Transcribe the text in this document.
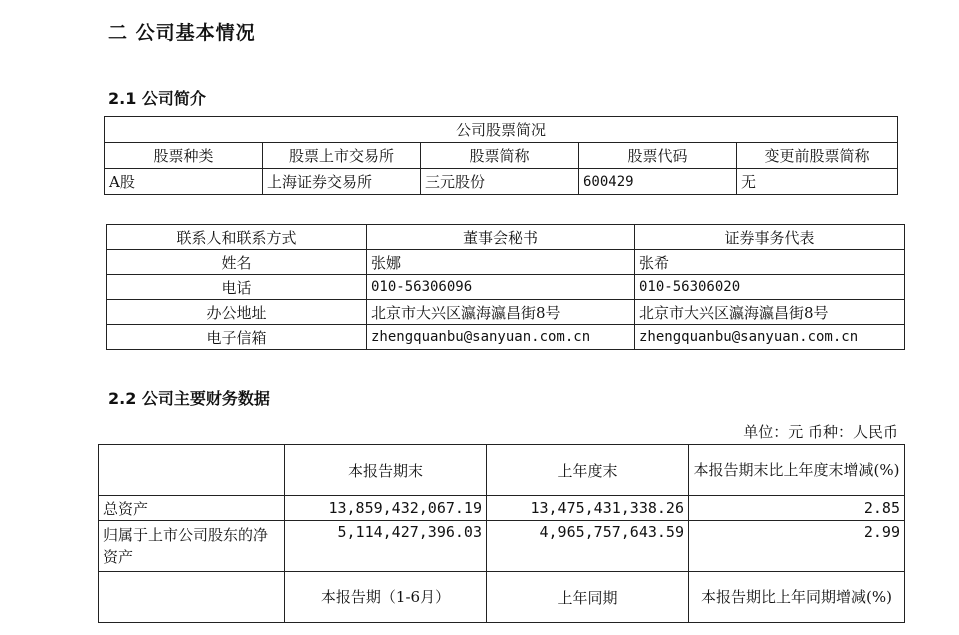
二 公司基本情况
2.1 公司简介
公司股票简况				
股票种类	股票上市交易所	股票简称	股票代码	变更前股票简称
A股	上海证券交易所	三元股份	600429	无
联系人和联系方式	董事会秘书	证券事务代表
姓名	张娜	张希
电话	010-56306096	010-56306020
办公地址	北京市大兴区瀛海瀛昌街8号	北京市大兴区瀛海瀛昌街8号
电子信箱	zhengquanbu@sanyuan.com.cn	zhengquanbu@sanyuan.com.cn
2.2 公司主要财务数据
单位：元 币种：人民币
	本报告期末	上年度末	本报告期末比上年度末增减(%)
总资产	13,859,432,067.19	13,475,431,338.26	2.85
归属于上市公司股东的净资产	5,114,427,396.03	4,965,757,643.59	2.99
	本报告期（1-6月）	上年同期	本报告期比上年同期增减(%)
